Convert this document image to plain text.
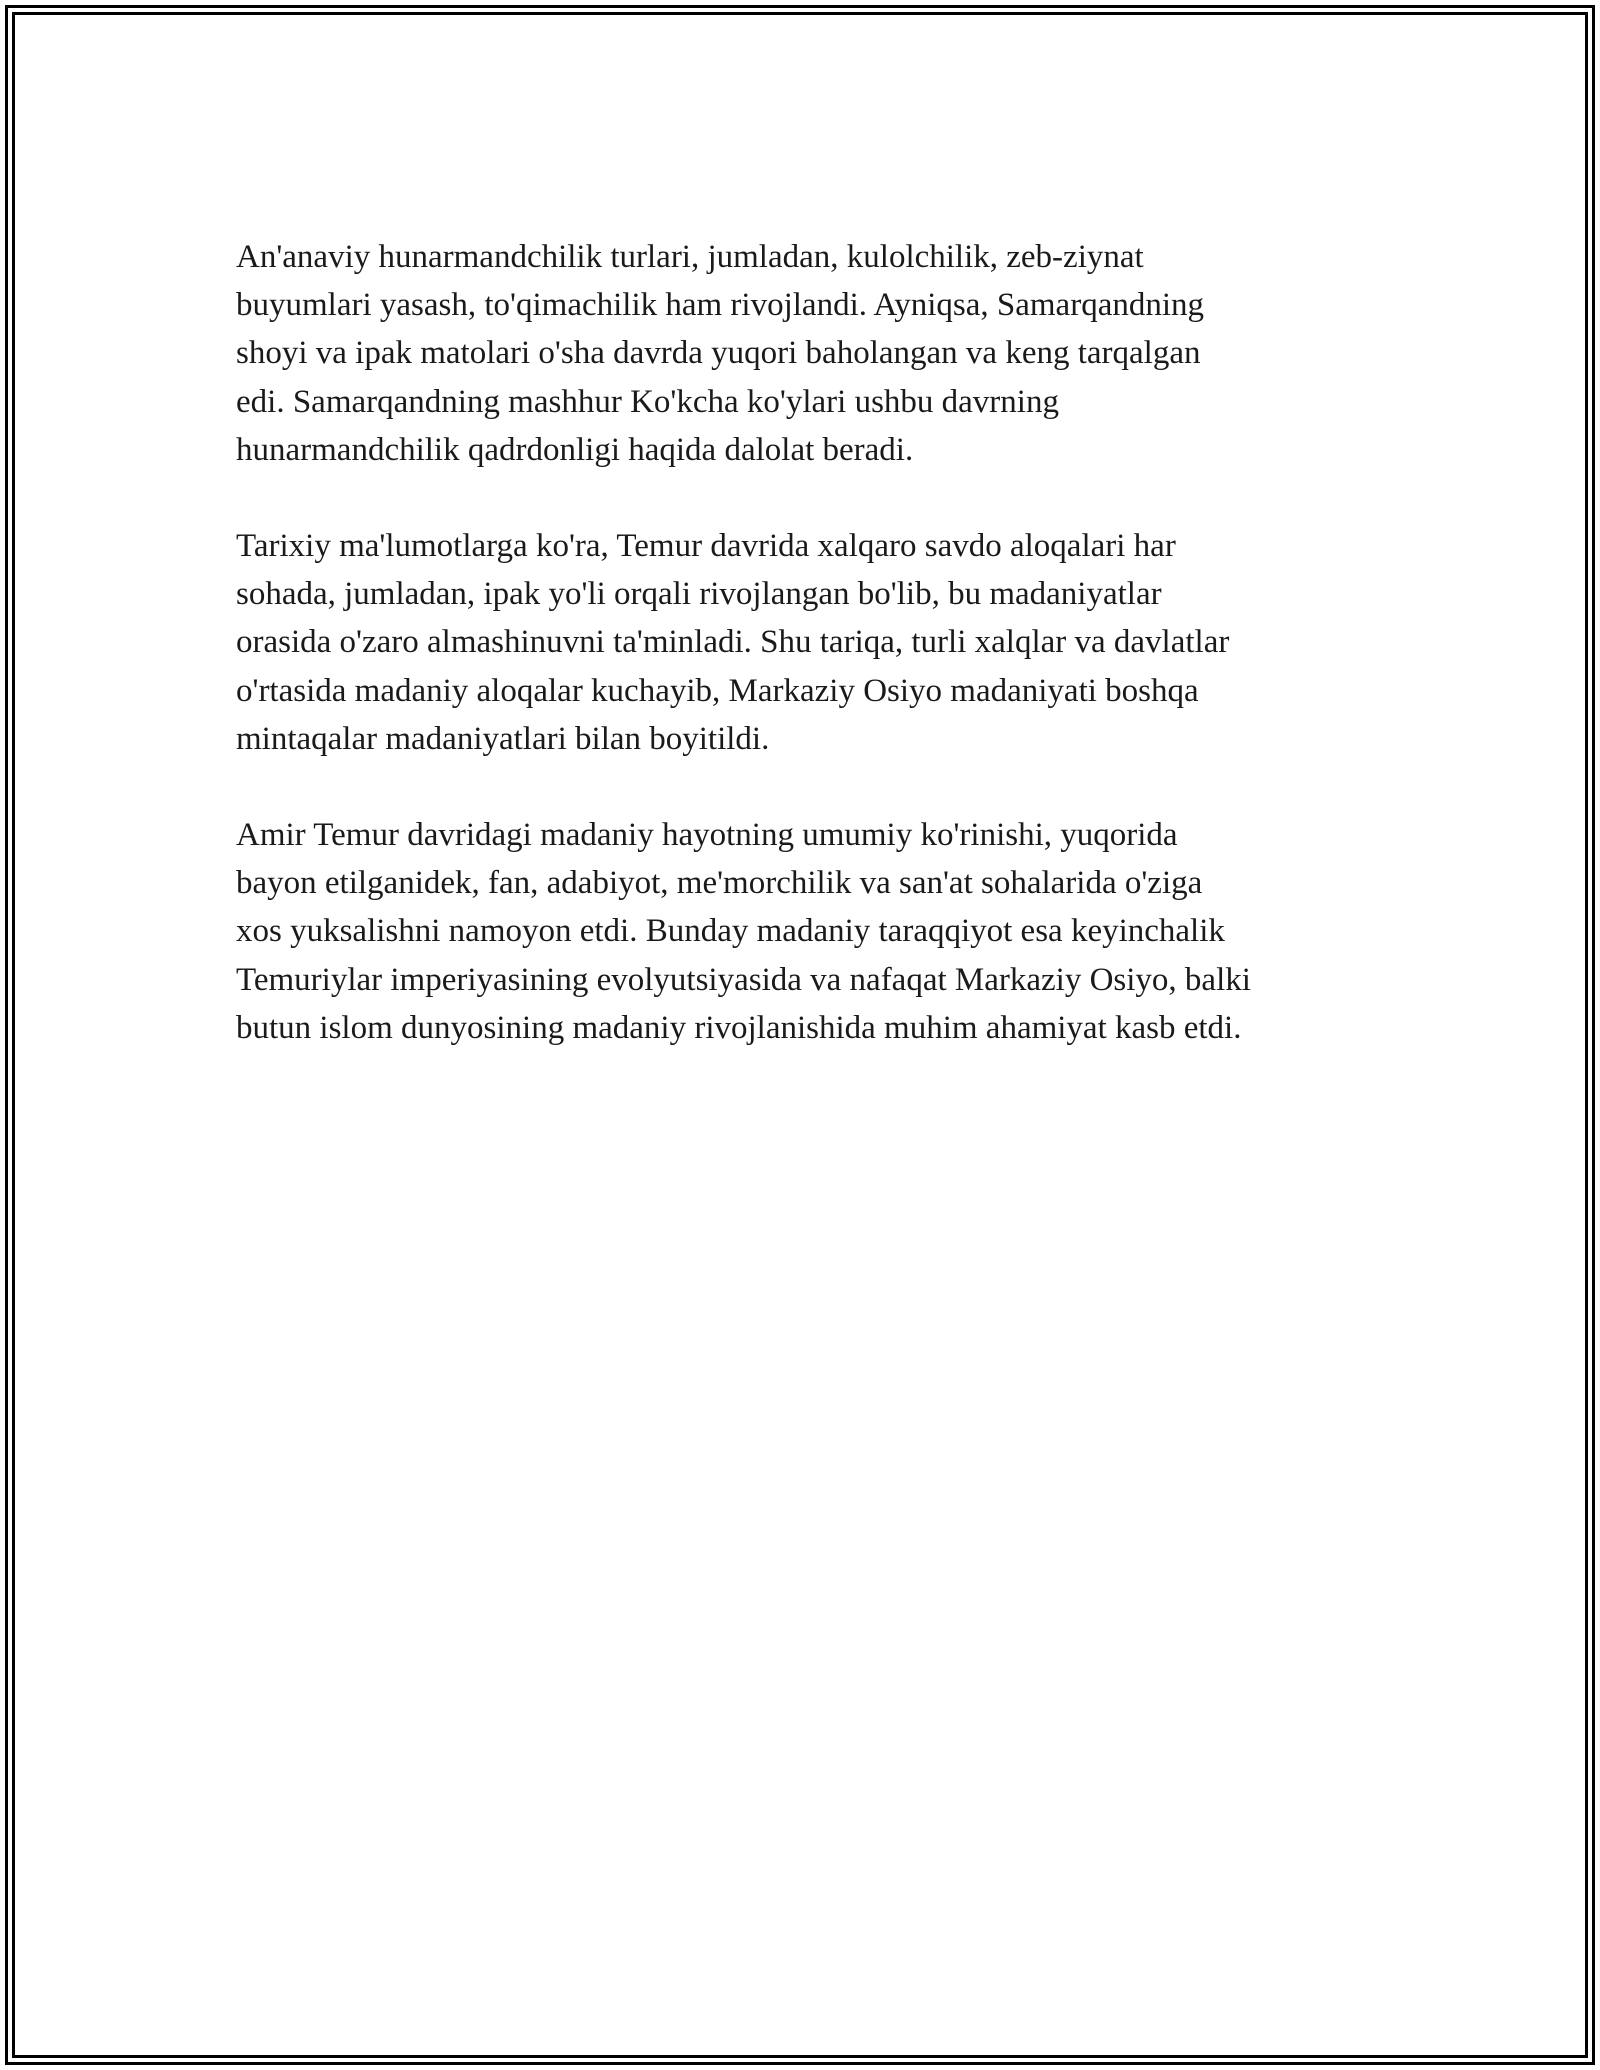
An'anaviy hunarmandchilik turlari, jumladan, kulolchilik, zeb-ziynat
buyumlari yasash, to'qimachilik ham rivojlandi. Ayniqsa, Samarqandning
shoyi va ipak matolari o'sha davrda yuqori baholangan va keng tarqalgan
edi. Samarqandning mashhur Ko'kcha ko'ylari ushbu davrning
hunarmandchilik qadrdonligi haqida dalolat beradi.

Tarixiy ma'lumotlarga ko'ra, Temur davrida xalqaro savdo aloqalari har
sohada, jumladan, ipak yo'li orqali rivojlangan bo'lib, bu madaniyatlar
orasida o'zaro almashinuvni ta'minladi. Shu tariqa, turli xalqlar va davlatlar
o'rtasida madaniy aloqalar kuchayib, Markaziy Osiyo madaniyati boshqa
mintaqalar madaniyatlari bilan boyitildi.

Amir Temur davridagi madaniy hayotning umumiy ko'rinishi, yuqorida
bayon etilganidek, fan, adabiyot, me'morchilik va san'at sohalarida o'ziga
xos yuksalishni namoyon etdi. Bunday madaniy taraqqiyot esa keyinchalik
Temuriylar imperiyasining evolyutsiyasida va nafaqat Markaziy Osiyo, balki
butun islom dunyosining madaniy rivojlanishida muhim ahamiyat kasb etdi.
